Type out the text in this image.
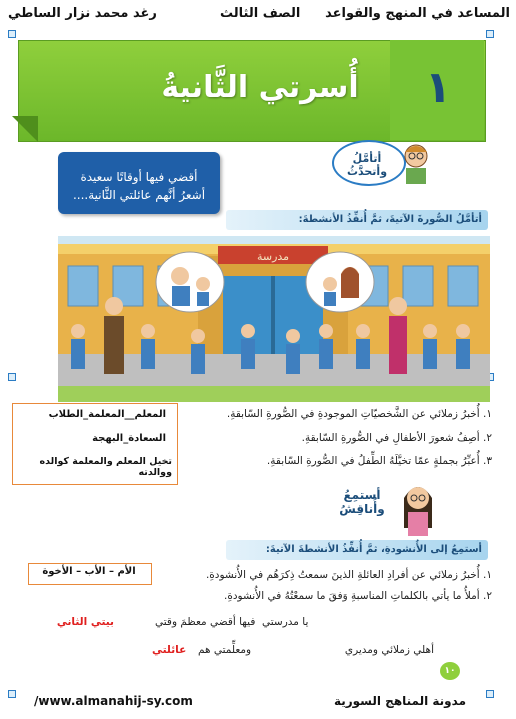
المساعد في المنهج والقواعد
الصف الثالث
رغد محمد نزار الساطي
١
أُسرتي الثَّانيةُ
أقضي فيها أوقاتًا سعيدة
أشعرُ أنَّهم عائلتي الثَّانية....
أتأمَّلُ وأتحدَّثُ
أتأمَّلُ الصُّورةَ الآتيةَ، ثمَّ أُنفِّذُ الأنشطةَ:
مدرسة
١. أُخبرُ زملائي عن الشَّخصيّاتِ الموجودةِ في الصُّورةِ السّابقةِ.
٢. أصِفُ شعورَ الأطفالِ في الصُّورةِ السّابقةِ.
٣. أُعبِّرُ بجملةٍ عمّا تخيَّلَهُ الطِّفلُ في الصُّورةِ السّابقةِ.
المعلم__المعلمة_الطلاب
السعادة_البهجة
تخيل المعلم والمعلمة كوالده ووالدته
أستمِعُ وأُناقِشُ
أستمِعُ إلى الأُنشودةِ، ثمَّ أُنفِّذُ الأنشطةَ الآتيةَ:
١. أُخبرُ زملائي عن أفرادِ العائلةِ الذينَ سمعتُ ذِكرَهُم في الأُنشودةِ.
٢. أملأُ ما يأتي بالكلماتِ المناسبةِ وَفقَ ما سمعْتُهُ في الأُنشودةِ.
الأم – الأب – الأخوة
بيتي الثاني	يا مدرستي
فيها أقضي معظمَ وقتي
أهلي زملائي ومديري
ومعلِّمتي هم
عائلتي
١٠
/www.almanahij-sy.com	مدونة المناهج السورية
